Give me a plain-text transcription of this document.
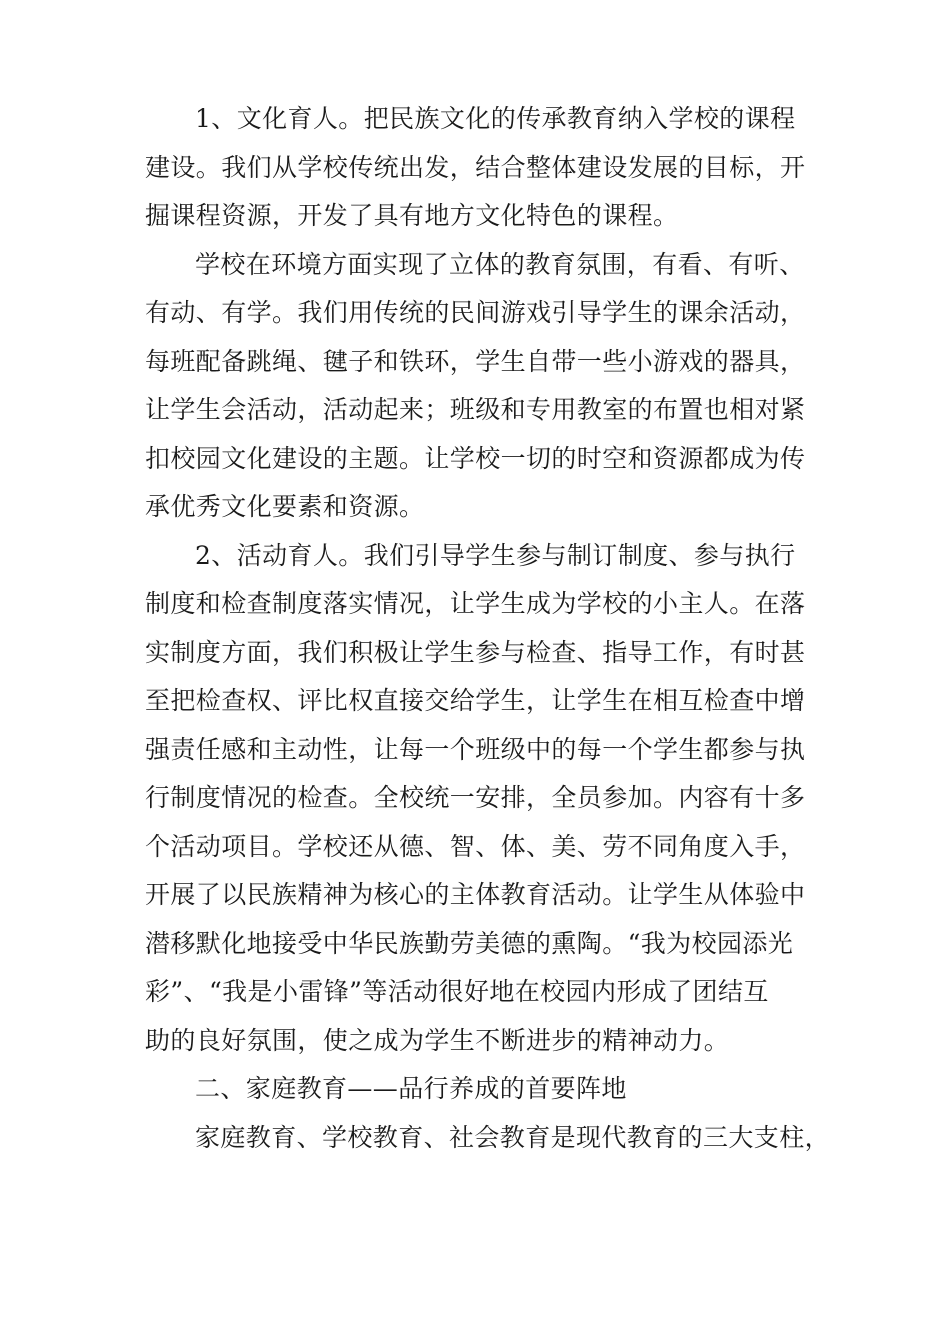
1、文化育人。把民族文化的传承教育纳入学校的课程
建设。我们从学校传统出发，结合整体建设发展的目标，开
掘课程资源，开发了具有地方文化特色的课程。
学校在环境方面实现了立体的教育氛围，有看、有听、
有动、有学。我们用传统的民间游戏引导学生的课余活动，
每班配备跳绳、毽子和铁环，学生自带一些小游戏的器具，
让学生会活动，活动起来；班级和专用教室的布置也相对紧
扣校园文化建设的主题。让学校一切的时空和资源都成为传
承优秀文化要素和资源。
2、活动育人。我们引导学生参与制订制度、参与执行
制度和检查制度落实情况，让学生成为学校的小主人。在落
实制度方面，我们积极让学生参与检查、指导工作，有时甚
至把检查权、评比权直接交给学生，让学生在相互检查中增
强责任感和主动性，让每一个班级中的每一个学生都参与执
行制度情况的检查。全校统一安排，全员参加。内容有十多
个活动项目。学校还从德、智、体、美、劳不同角度入手，
开展了以民族精神为核心的主体教育活动。让学生从体验中
潜移默化地接受中华民族勤劳美德的熏陶。“我为校园添光
彩”、“我是小雷锋”等活动很好地在校园内形成了团结互
助的良好氛围，使之成为学生不断进步的精神动力。
二、家庭教育——品行养成的首要阵地
家庭教育、学校教育、社会教育是现代教育的三大支柱，
